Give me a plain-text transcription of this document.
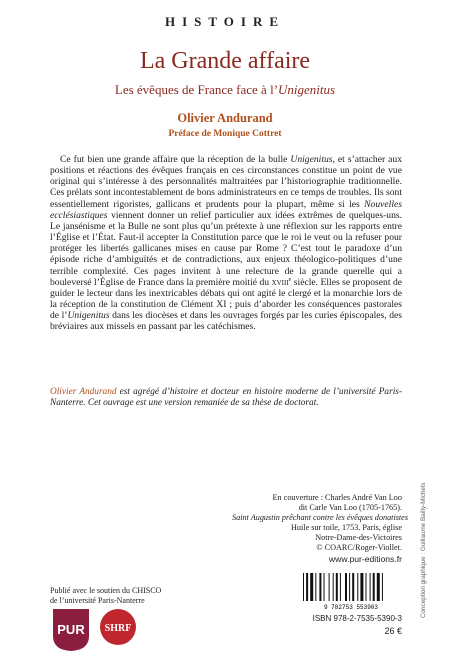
HISTOIRE
La Grande affaire
Les évêques de France face à l’Unigenitus
Olivier Andurand
Préface de Monique Cottret

Ce fut bien une grande affaire que la réception de la bulle Unigenitus, et s’attacher aux positions et réactions des évêques français en ces circonstances constitue un point de vue original qui s’intéresse à des personnalités maltraitées par l’historiographie traditionnelle. Ces prélats sont incontestablement de bons administrateurs en ce temps de troubles. Ils sont essentiellement rigoristes, gallicans et prudents pour la plupart, même si les Nouvelles ecclésiastiques viennent donner un relief particulier aux idées extrêmes de quelques-uns. Le jansénisme et la Bulle ne sont plus qu’un prétexte à une réflexion sur les rapports entre l’Église et l’État. Faut-il accepter la Constitution parce que le roi le veut ou la refuser pour protéger les libertés gallicanes mises en cause par Rome ? C’est tout le paradoxe d’un épisode riche d’ambiguïtés et de contradictions, aux enjeux théologico-politiques d’une terrible complexité. Ces pages invitent à une relecture de la grande querelle qui a bouleversé l’Église de France dans la première moitié du xviii$^e$ siècle. Elles se proposent de guider le lecteur dans les inextricables débats qui ont agité le clergé et la monarchie lors de la réception de la constitution de Clément XI ; puis d’aborder les conséquences pastorales de l’Unigenitus dans les diocèses et dans les ouvrages forgés par les curies épiscopales, des bréviaires aux missels en passant par les catéchismes.

Olivier Andurand est agrégé d’histoire et docteur en histoire moderne de l’université Paris-Nanterre. Cet ouvrage est une version remaniée de sa thèse de doctorat.

En couverture : Charles André Van Loo
dit Carle Van Loo (1705-1765).
Saint Augustin prêchant contre les évêques donatistes
Huile sur toile, 1753. Paris, église
Notre-Dame-des-Victoires
© COARC/Roger-Viollet.
www.pur-editions.fr
9 782753 553903
ISBN 978-2-7535-5390-3
26 €
Publié avec le soutien du CHISCO
de l’université Paris-Nanterre
PUR SHRF
Conception graphique : Guillaume Bailly-Michels
